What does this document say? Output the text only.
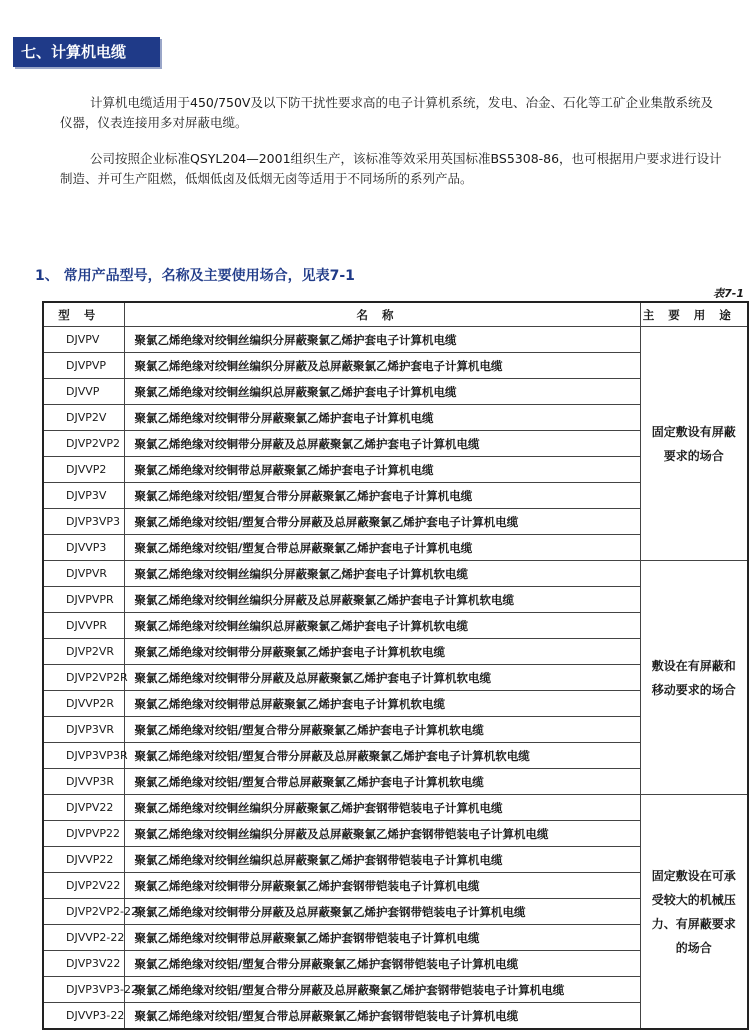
七、计算机电缆
计算机电缆适用于450/750V及以下防干扰性要求高的电子计算机系统，发电、冶金、石化等工矿企业集散系统及仪器，仪表连接用多对屏蔽电缆。
公司按照企业标准QSYL204—2001组织生产，该标准等效采用英国标准BS5308-86，也可根据用户要求进行设计制造、并可生产阻燃，低烟低卤及低烟无卤等适用于不同场所的系列产品。
1、 常用产品型号，名称及主要使用场合，见表7-1
表7-1
型号	名称	主要用途
DJVPV	聚氯乙烯绝缘对绞铜丝编织分屏蔽聚氯乙烯护套电子计算机电缆	固定敷设有屏蔽要求的场合
DJVPVP	聚氯乙烯绝缘对绞铜丝编织分屏蔽及总屏蔽聚氯乙烯护套电子计算机电缆	
DJVVP	聚氯乙烯绝缘对绞铜丝编织总屏蔽聚氯乙烯护套电子计算机电缆	
DJVP2V	聚氯乙烯绝缘对绞铜带分屏蔽聚氯乙烯护套电子计算机电缆	
DJVP2VP2	聚氯乙烯绝缘对绞铜带分屏蔽及总屏蔽聚氯乙烯护套电子计算机电缆	
DJVVP2	聚氯乙烯绝缘对绞铜带总屏蔽聚氯乙烯护套电子计算机电缆	
DJVP3V	聚氯乙烯绝缘对绞铝/塑复合带分屏蔽聚氯乙烯护套电子计算机电缆	
DJVP3VP3	聚氯乙烯绝缘对绞铝/塑复合带分屏蔽及总屏蔽聚氯乙烯护套电子计算机电缆	
DJVVP3	聚氯乙烯绝缘对绞铝/塑复合带总屏蔽聚氯乙烯护套电子计算机电缆	
DJVPVR	聚氯乙烯绝缘对绞铜丝编织分屏蔽聚氯乙烯护套电子计算机软电缆	敷设在有屏蔽和移动要求的场合
DJVPVPR	聚氯乙烯绝缘对绞铜丝编织分屏蔽及总屏蔽聚氯乙烯护套电子计算机软电缆	
DJVVPR	聚氯乙烯绝缘对绞铜丝编织总屏蔽聚氯乙烯护套电子计算机软电缆	
DJVP2VR	聚氯乙烯绝缘对绞铜带分屏蔽聚氯乙烯护套电子计算机软电缆	
DJVP2VP2R	聚氯乙烯绝缘对绞铜带分屏蔽及总屏蔽聚氯乙烯护套电子计算机软电缆	
DJVVP2R	聚氯乙烯绝缘对绞铜带总屏蔽聚氯乙烯护套电子计算机软电缆	
DJVP3VR	聚氯乙烯绝缘对绞铝/塑复合带分屏蔽聚氯乙烯护套电子计算机软电缆	
DJVP3VP3R	聚氯乙烯绝缘对绞铝/塑复合带分屏蔽及总屏蔽聚氯乙烯护套电子计算机软电缆	
DJVVP3R	聚氯乙烯绝缘对绞铝/塑复合带总屏蔽聚氯乙烯护套电子计算机软电缆	
DJVPV22	聚氯乙烯绝缘对绞铜丝编织分屏蔽聚氯乙烯护套钢带铠装电子计算机电缆	固定敷设在可承受较大的机械压力、有屏蔽要求的场合
DJVPVP22	聚氯乙烯绝缘对绞铜丝编织分屏蔽及总屏蔽聚氯乙烯护套钢带铠装电子计算机电缆	
DJVVP22	聚氯乙烯绝缘对绞铜丝编织总屏蔽聚氯乙烯护套钢带铠装电子计算机电缆	
DJVP2V22	聚氯乙烯绝缘对绞铜带分屏蔽聚氯乙烯护套钢带铠装电子计算机电缆	
DJVP2VP2-22	聚氯乙烯绝缘对绞铜带分屏蔽及总屏蔽聚氯乙烯护套钢带铠装电子计算机电缆	
DJVVP2-22	聚氯乙烯绝缘对绞铜带总屏蔽聚氯乙烯护套钢带铠装电子计算机电缆	
DJVP3V22	聚氯乙烯绝缘对绞铝/塑复合带分屏蔽聚氯乙烯护套钢带铠装电子计算机电缆	
DJVP3VP3-22	聚氯乙烯绝缘对绞铝/塑复合带分屏蔽及总屏蔽聚氯乙烯护套钢带铠装电子计算机电缆	
DJVVP3-22	聚氯乙烯绝缘对绞铝/塑复合带总屏蔽聚氯乙烯护套钢带铠装电子计算机电缆	
